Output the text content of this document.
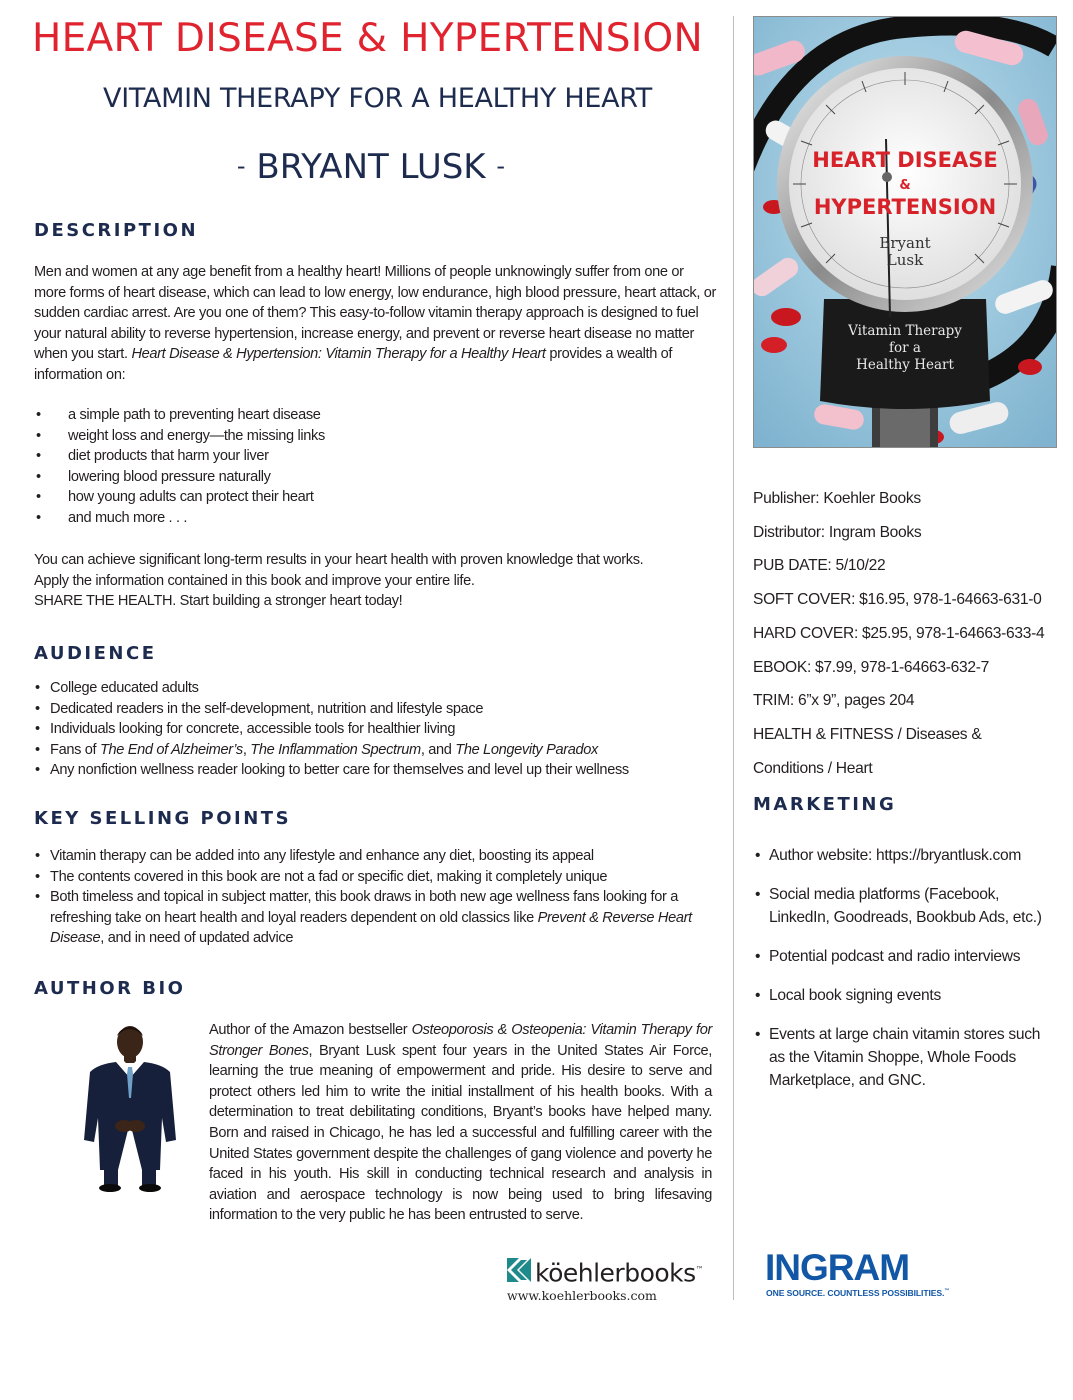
HEART DISEASE & HYPERTENSION
VITAMIN THERAPY FOR A HEALTHY HEART
- BRYANT LUSK -
DESCRIPTION
Men and women at any age benefit from a healthy heart! Millions of people unknowingly suffer from one or more forms of heart disease, which can lead to low energy, low endurance, high blood pressure, heart attack, or sudden cardiac arrest. Are you one of them? This easy-to-follow vitamin therapy approach is designed to fuel your natural ability to reverse hypertension, increase energy, and prevent or reverse heart disease no matter when you start. Heart Disease & Hypertension: Vitamin Therapy for a Healthy Heart provides a wealth of information on:
• a simple path to preventing heart disease
• weight loss and energy—the missing links
• diet products that harm your liver
• lowering blood pressure naturally
• how young adults can protect their heart
• and much more . . .
You can achieve significant long-term results in your heart health with proven knowledge that works.
Apply the information contained in this book and improve your entire life.
SHARE THE HEALTH. Start building a stronger heart today!
AUDIENCE
• College educated adults
• Dedicated readers in the self-development, nutrition and lifestyle space
• Individuals looking for concrete, accessible tools for healthier living
• Fans of The End of Alzheimer’s, The Inflammation Spectrum, and The Longevity Paradox
• Any nonfiction wellness reader looking to better care for themselves and level up their wellness
KEY SELLING POINTS
• Vitamin therapy can be added into any lifestyle and enhance any diet, boosting its appeal
• The contents covered in this book are not a fad or specific diet, making it completely unique
• Both timeless and topical in subject matter, this book draws in both new age wellness fans looking for a refreshing take on heart health and loyal readers dependent on old classics like Prevent & Reverse Heart Disease, and in need of updated advice
AUTHOR BIO
Author of the Amazon bestseller Osteoporosis & Osteopenia: Vitamin Therapy for Stronger Bones, Bryant Lusk spent four years in the United States Air Force, learning the true meaning of empowerment and pride. His desire to serve and protect others led him to write the initial installment of his health books. With a determination to treat debilitating conditions, Bryant’s books have helped many. Born and raised in Chicago, he has led a successful and fulfilling career with the United States government despite the challenges of gang violence and poverty he faced in his youth. His skill in conducting technical research and analysis in aviation and aerospace technology is now being used to bring lifesaving information to the very public he has been entrusted to serve.
HEART DISEASE
&
HYPERTENSION
Bryant
Lusk
Vitamin Therapy
for a
Healthy Heart
Publisher: Koehler Books
Distributor: Ingram Books
PUB DATE: 5/10/22
SOFT COVER: $16.95, 978-1-64663-631-0
HARD COVER: $25.95, 978-1-64663-633-4
EBOOK: $7.99, 978-1-64663-632-7
TRIM: 6”x 9”, pages 204
HEALTH & FITNESS / Diseases &
Conditions / Heart
MARKETING
• Author website: https://bryantlusk.com
• Social media platforms (Facebook, LinkedIn, Goodreads, Bookbub Ads, etc.)
• Potential podcast and radio interviews
• Local book signing events
• Events at large chain vitamin stores such as the Vitamin Shoppe, Whole Foods Marketplace, and GNC.
köehlerbooks™
www.koehlerbooks.com
INGRAM
ONE SOURCE. COUNTLESS POSSIBILITIES.™
